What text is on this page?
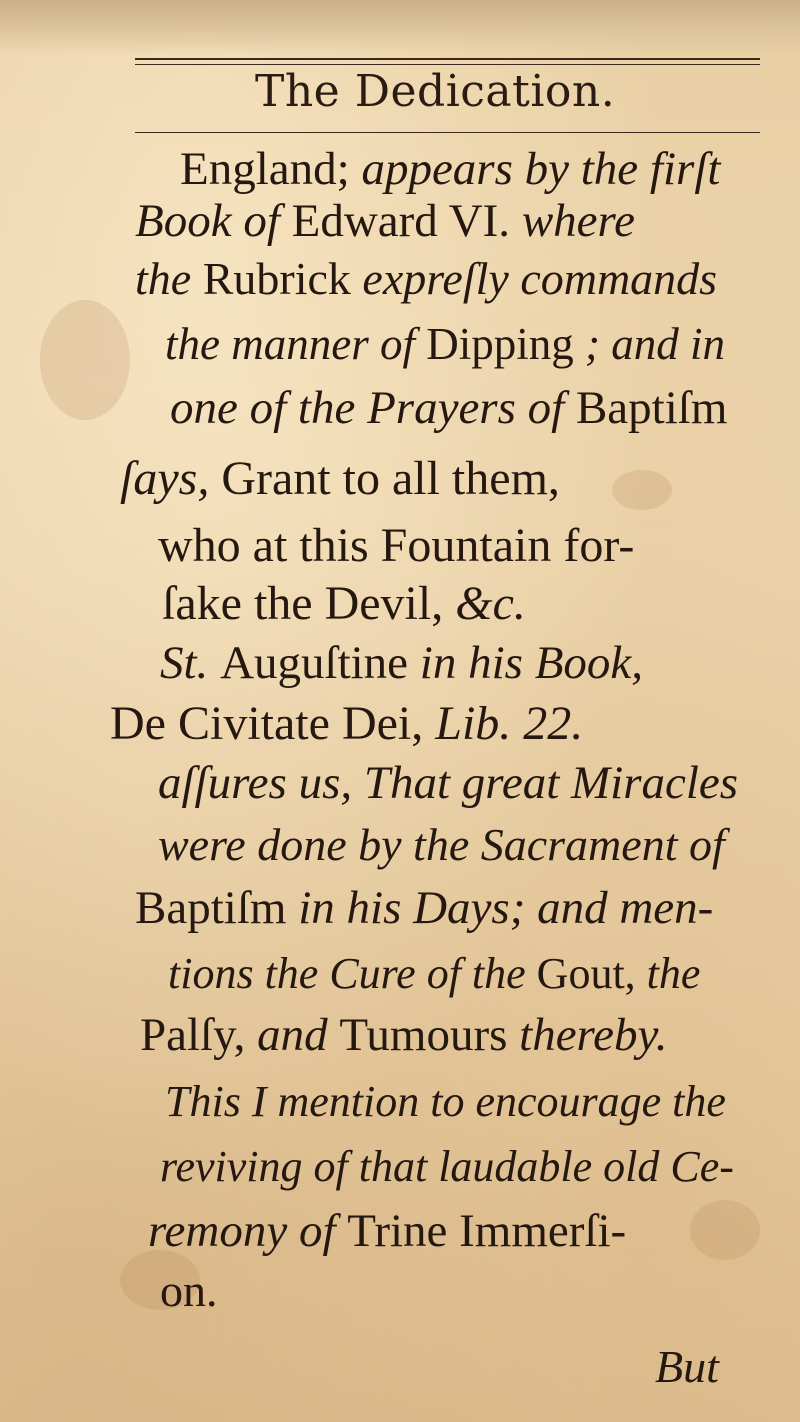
The Dedication.
England; appears by the firſt
Book of Edward VI. where
the Rubrick expreſly commands
the manner of Dipping ; and in
one of the Prayers of Baptiſm
ſays, Grant to all them,
who at this Fountain for-
ſake the Devil, &c.
St. Auguſtine in his Book,
De Civitate Dei, Lib. 22.
aſſures us, That great Miracles
were done by the Sacrament of
Baptiſm in his Days; and men-
tions the Cure of the Gout, the
Palſy, and Tumours thereby.
This I mention to encourage the
reviving of that laudable old Ce-
remony of Trine Immerſi-
on.
But
